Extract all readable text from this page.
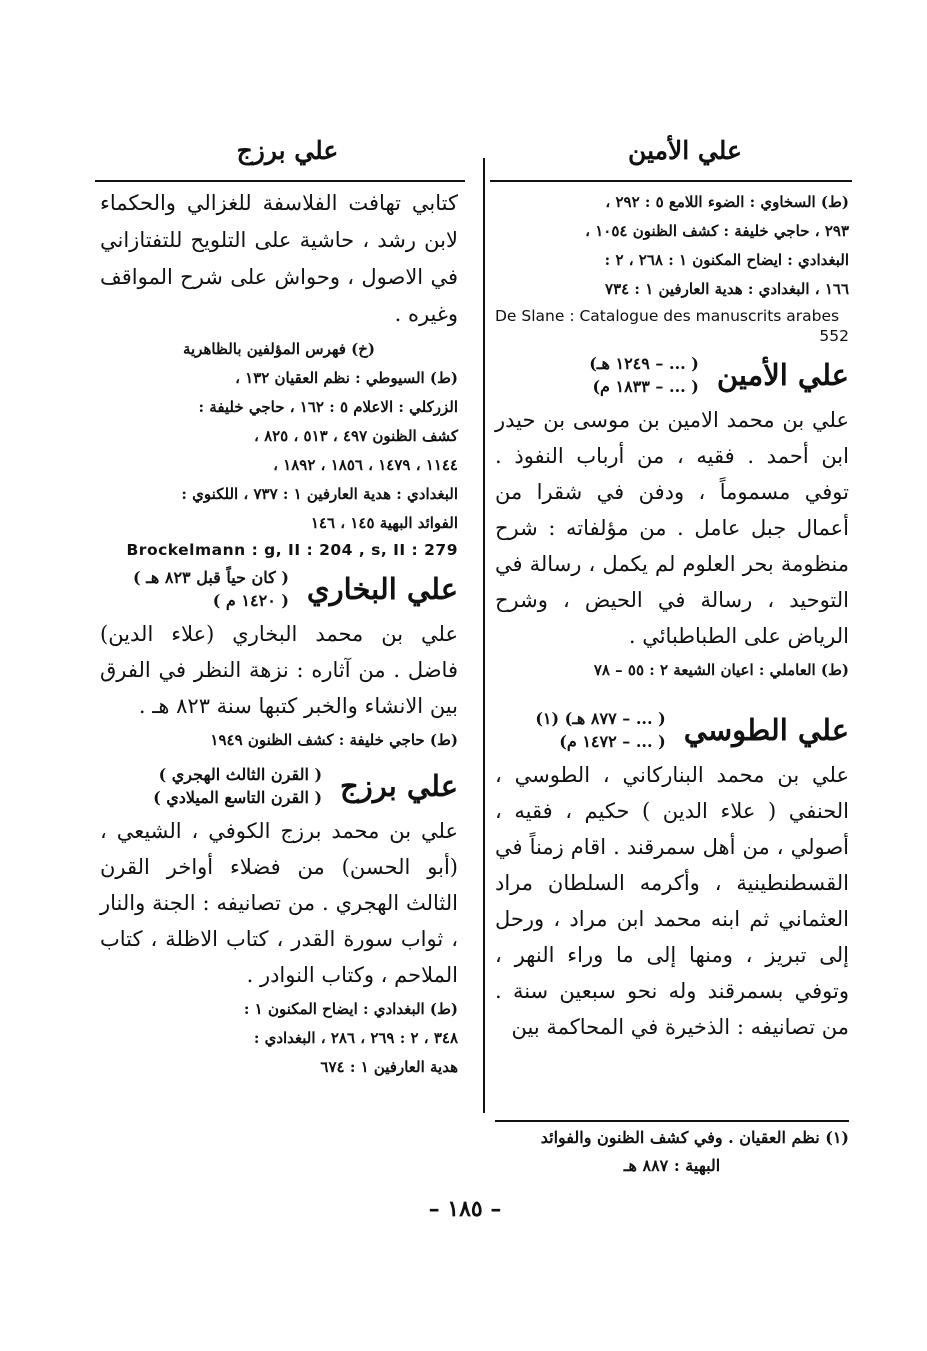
علي الأمين
علي برزج

(ط) السخاوي : الضوء اللامع ٥ : ٢٩٢ ،

٢٩٣ ، حاجي خليفة : كشف الظنون ١٠٥٤ ،

البغدادي : ايضاح المكنون ١ : ٢٦٨ ، ٢ :

١٦٦ ، البغدادي : هدية العارفين ١ : ٧٣٤

De Slane : Catalogue des manuscrits arabes 552

علي الأمين
( ... – ١٢٤٩ هـ)
( ... – ١٨٣٣ م)

علي بن محمد الامين بن موسى بن حيدر ابن أحمد . فقيه ، من أرباب النفوذ . توفي مسموماً ، ودفن في شقرا من أعمال جبل عامل . من مؤلفاته : شرح منظومة بحر العلوم لم يكمل ، رسالة في التوحيد ، رسالة في الحيض ، وشرح الرياض على الطباطبائي .

(ط) العاملي : اعيان الشيعة ٢ : ٥٥ – ٧٨

علي الطوسي
( ... – ٨٧٧ هـ) (١)
( ... – ١٤٧٢ م)

علي بن محمد البناركاني ، الطوسي ، الحنفي ( علاء الدين ) حكيم ، فقيه ، أصولي ، من أهل سمرقند . اقام زمناً في القسطنطينية ، وأكرمه السلطان مراد العثماني ثم ابنه محمد ابن مراد ، ورحل إلى تبريز ، ومنها إلى ما وراء النهر ، وتوفي بسمرقند وله نحو سبعين سنة . من تصانيفه : الذخيرة في المحاكمة بين

كتابي تهافت الفلاسفة للغزالي والحكماء لابن رشد ، حاشية على التلويح للتفتازاني في الاصول ، وحواش على شرح المواقف وغيره .

(خ) فهرس المؤلفين بالظاهرية

(ط) السيوطي : نظم العقيان ١٣٢ ،

الزركلي : الاعلام ٥ : ١٦٢ ، حاجي خليفة :

كشف الظنون ٤٩٧ ، ٥١٣ ، ٨٢٥ ،

١١٤٤ ، ١٤٧٩ ، ١٨٥٦ ، ١٨٩٢ ،

البغدادي : هدية العارفين ١ : ٧٣٧ ، اللكنوي :

الفوائد البهية ١٤٥ ، ١٤٦

Brockelmann : g, II : 204 , s, II : 279

علي البخاري
( كان حياً قبل ٨٢٣ هـ )
( ١٤٢٠ م )

علي بن محمد البخاري (علاء الدين) فاضل . من آثاره : نزهة النظر في الفرق بين الانشاء والخبر كتبها سنة ٨٢٣ هـ .

(ط) حاجي خليفة : كشف الظنون ١٩٤٩

علي برزج
( القرن الثالث الهجري )
( القرن التاسع الميلادي )

علي بن محمد برزج الكوفي ، الشيعي ، (أبو الحسن) من فضلاء أواخر القرن الثالث الهجري . من تصانيفه : الجنة والنار ، ثواب سورة القدر ، كتاب الاظلة ، كتاب الملاحم ، وكتاب النوادر .

(ط) البغدادي : ايضاح المكنون ١ :

٣٤٨ ، ٢ : ٢٦٩ ، ٢٨٦ ، البغدادي :

هدية العارفين ١ : ٦٧٤

(١) نظم العقيان . وفي كشف الظنون والفوائد
البهية : ٨٨٧ هـ
– ١٨٥ –
